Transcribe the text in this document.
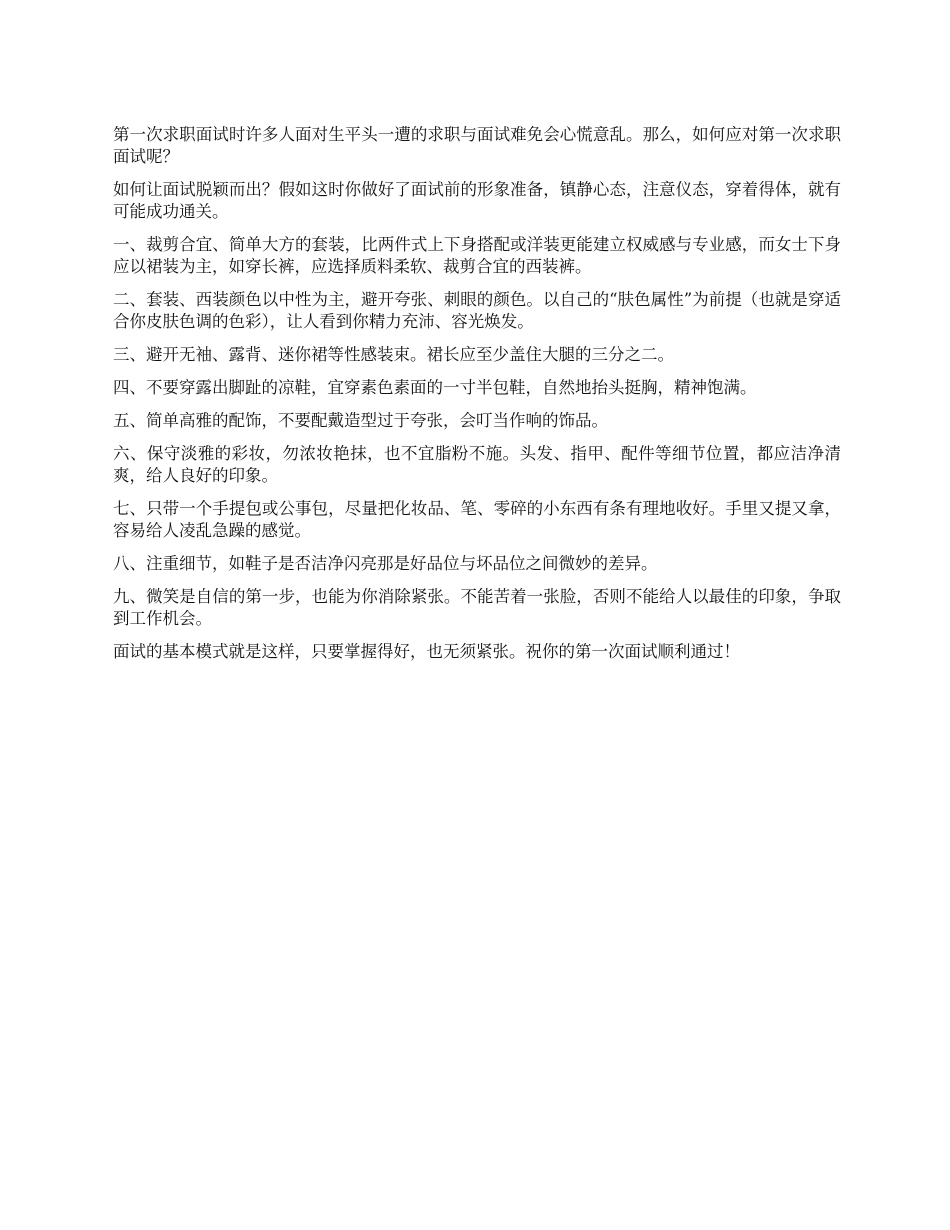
第一次求职面试时许多人面对生平头一遭的求职与面试难免会心慌意乱。那么，如何应对第一次求职面试呢？

如何让面试脱颖而出？假如这时你做好了面试前的形象准备，镇静心态，注意仪态，穿着得体，就有可能成功通关。

一、裁剪合宜、简单大方的套装，比两件式上下身搭配或洋装更能建立权威感与专业感，而女士下身应以裙装为主，如穿长裤，应选择质料柔软、裁剪合宜的西装裤。

二、套装、西装颜色以中性为主，避开夸张、刺眼的颜色。以自己的“肤色属性”为前提（也就是穿适合你皮肤色调的色彩），让人看到你精力充沛、容光焕发。

三、避开无袖、露背、迷你裙等性感装束。裙长应至少盖住大腿的三分之二。

四、不要穿露出脚趾的凉鞋，宜穿素色素面的一寸半包鞋，自然地抬头挺胸，精神饱满。

五、简单高雅的配饰，不要配戴造型过于夸张，会叮当作响的饰品。

六、保守淡雅的彩妆，勿浓妆艳抹，也不宜脂粉不施。头发、指甲、配件等细节位置，都应洁净清爽，给人良好的印象。

七、只带一个手提包或公事包，尽量把化妆品、笔、零碎的小东西有条有理地收好。手里又提又拿，容易给人凌乱急躁的感觉。

八、注重细节，如鞋子是否洁净闪亮那是好品位与坏品位之间微妙的差异。

九、微笑是自信的第一步，也能为你消除紧张。不能苦着一张脸，否则不能给人以最佳的印象，争取到工作机会。

面试的基本模式就是这样，只要掌握得好，也无须紧张。祝你的第一次面试顺利通过！
